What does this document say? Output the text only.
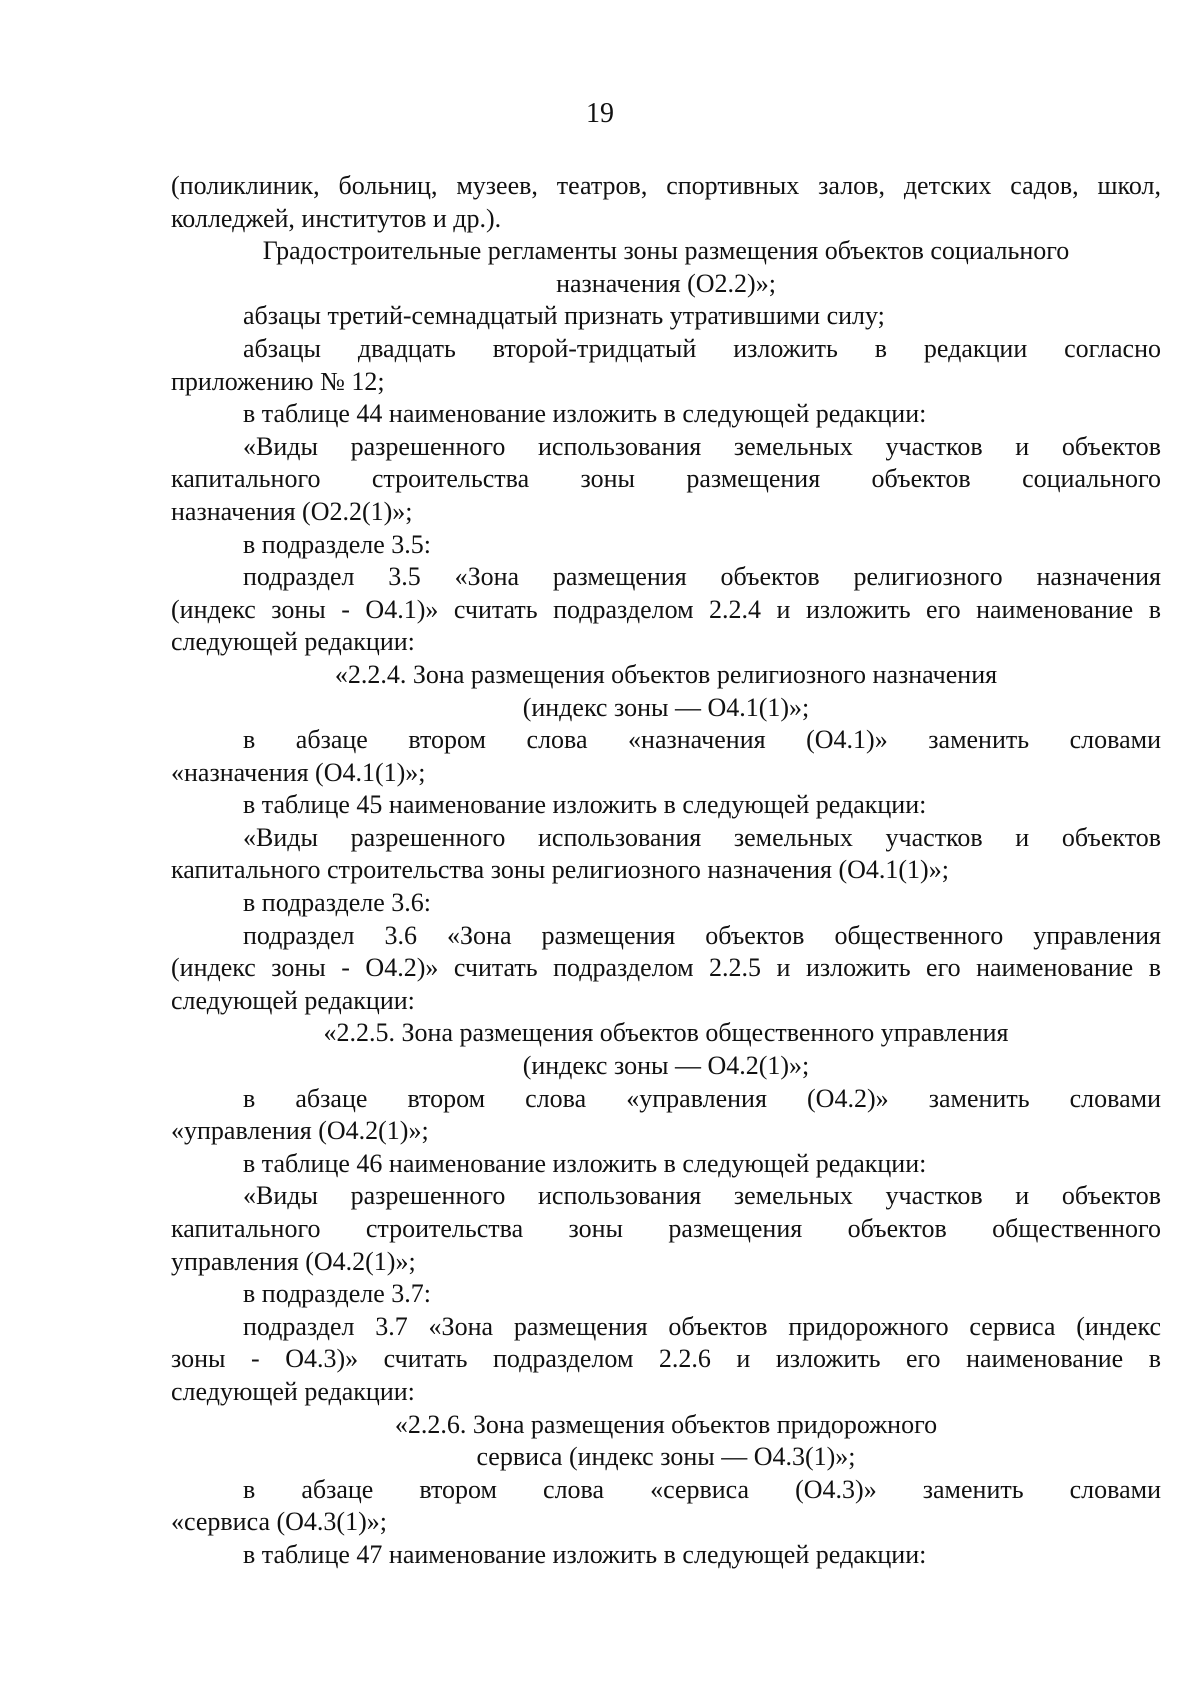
19
(поликлиник, больниц, музеев, театров, спортивных залов, детских садов, школ,
колледжей, институтов и др.).
Градостроительные регламенты зоны размещения объектов социального
назначения (О2.2)»;
абзацы третий-семнадцатый признать утратившими силу;
абзацы двадцать второй-тридцатый изложить в редакции согласно
приложению № 12;
в таблице 44 наименование изложить в следующей редакции:
«Виды разрешенного использования земельных участков и объектов
капитального строительства зоны размещения объектов социального
назначения (О2.2(1)»;
в подразделе 3.5:
подраздел 3.5 «Зона размещения объектов религиозного назначения
(индекс зоны - О4.1)» считать подразделом 2.2.4 и изложить его наименование в
следующей редакции:
«2.2.4. Зона размещения объектов религиозного назначения
(индекс зоны — О4.1(1)»;
в абзаце втором слова «назначения (О4.1)» заменить словами
«назначения (О4.1(1)»;
в таблице 45 наименование изложить в следующей редакции:
«Виды разрешенного использования земельных участков и объектов
капитального строительства зоны религиозного назначения (О4.1(1)»;
в подразделе 3.6:
подраздел 3.6 «Зона размещения объектов общественного управления
(индекс зоны - О4.2)» считать подразделом 2.2.5 и изложить его наименование в
следующей редакции:
«2.2.5. Зона размещения объектов общественного управления
(индекс зоны — О4.2(1)»;
в абзаце втором слова «управления (О4.2)» заменить словами
«управления (О4.2(1)»;
в таблице 46 наименование изложить в следующей редакции:
«Виды разрешенного использования земельных участков и объектов
капитального строительства зоны размещения объектов общественного
управления (О4.2(1)»;
в подразделе 3.7:
подраздел 3.7 «Зона размещения объектов придорожного сервиса (индекс
зоны - О4.3)» считать подразделом 2.2.6 и изложить его наименование в
следующей редакции:
«2.2.6. Зона размещения объектов придорожного
сервиса (индекс зоны — О4.3(1)»;
в абзаце втором слова «сервиса (О4.3)» заменить словами
«сервиса (О4.3(1)»;
в таблице 47 наименование изложить в следующей редакции:
